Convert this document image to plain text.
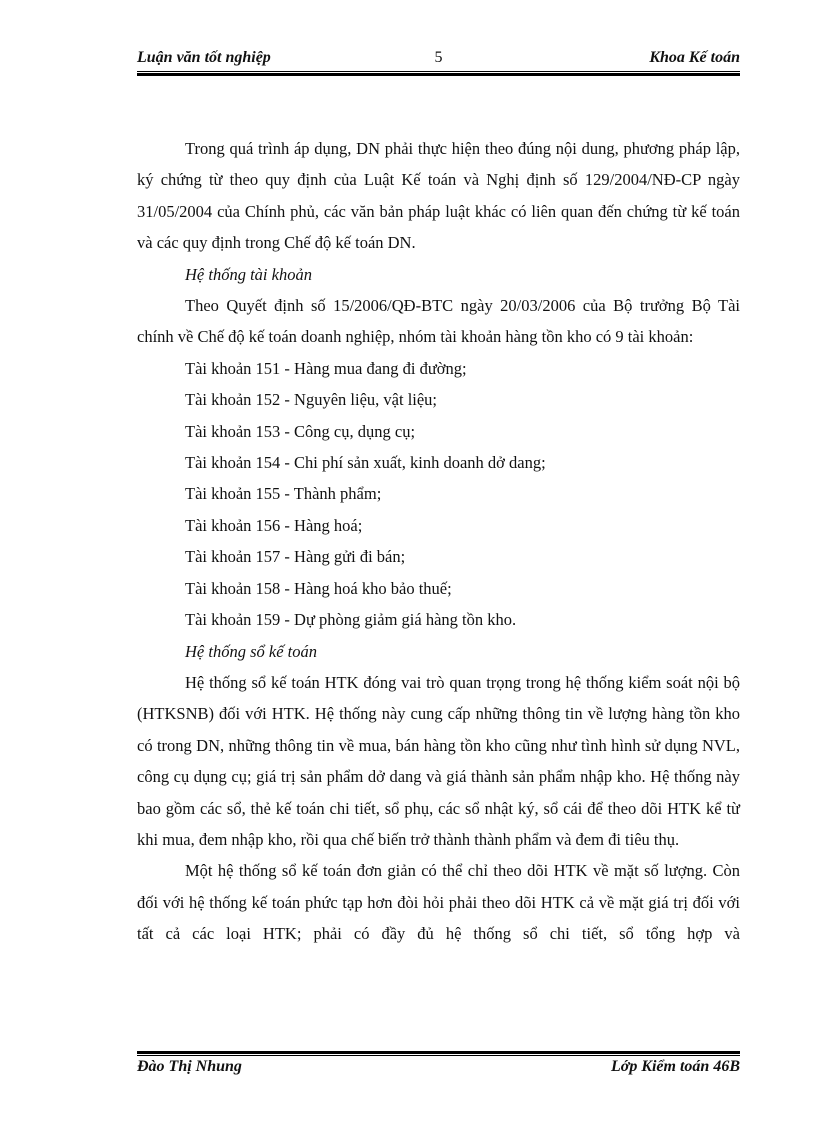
Luận văn tốt nghiệp	5	Khoa Kế toán

Trong quá trình áp dụng, DN phải thực hiện theo đúng nội dung, phương pháp lập, ký chứng từ theo quy định của Luật Kế toán và Nghị định số 129/2004/NĐ-CP ngày 31/05/2004 của Chính phủ, các văn bản pháp luật khác có liên quan đến chứng từ kế toán và các quy định trong Chế độ kế toán DN.

Hệ thống tài khoản

Theo Quyết định số 15/2006/QĐ-BTC ngày 20/03/2006 của Bộ trưởng Bộ Tài chính về Chế độ kế toán doanh nghiệp, nhóm tài khoản hàng tồn kho có 9 tài khoản:

Tài khoản 151 - Hàng mua đang đi đường;

Tài khoản 152 - Nguyên liệu, vật liệu;

Tài khoản 153 - Công cụ, dụng cụ;

Tài khoản 154 - Chi phí sản xuất, kinh doanh dở dang;

Tài khoản 155 - Thành phẩm;

Tài khoản 156 - Hàng hoá;

Tài khoản 157 - Hàng gửi đi bán;

Tài khoản 158 - Hàng hoá kho bảo thuế;

Tài khoản 159 - Dự phòng giảm giá hàng tồn kho.

Hệ thống sổ kế toán

Hệ thống sổ kế toán HTK đóng vai trò quan trọng trong hệ thống kiểm soát nội bộ (HTKSNB) đối với HTK. Hệ thống này cung cấp những thông tin về lượng hàng tồn kho có trong DN, những thông tin về mua, bán hàng tồn kho cũng như tình hình sử dụng NVL, công cụ dụng cụ; giá trị sản phẩm dở dang và giá thành sản phẩm nhập kho. Hệ thống này bao gồm các sổ, thẻ kế toán chi tiết, sổ phụ, các sổ nhật ký, sổ cái để theo dõi HTK kể từ khi mua, đem nhập kho, rồi qua chế biến trở thành thành phẩm và đem đi tiêu thụ.

Một hệ thống sổ kế toán đơn giản có thể chỉ theo dõi HTK về mặt số lượng. Còn đối với hệ thống kế toán phức tạp hơn đòi hỏi phải theo dõi HTK cả về mặt giá trị đối với tất cả các loại HTK; phải có đầy đủ hệ thống sổ chi tiết, sổ tổng hợp và

Đào Thị Nhung	Lớp Kiểm toán 46B
